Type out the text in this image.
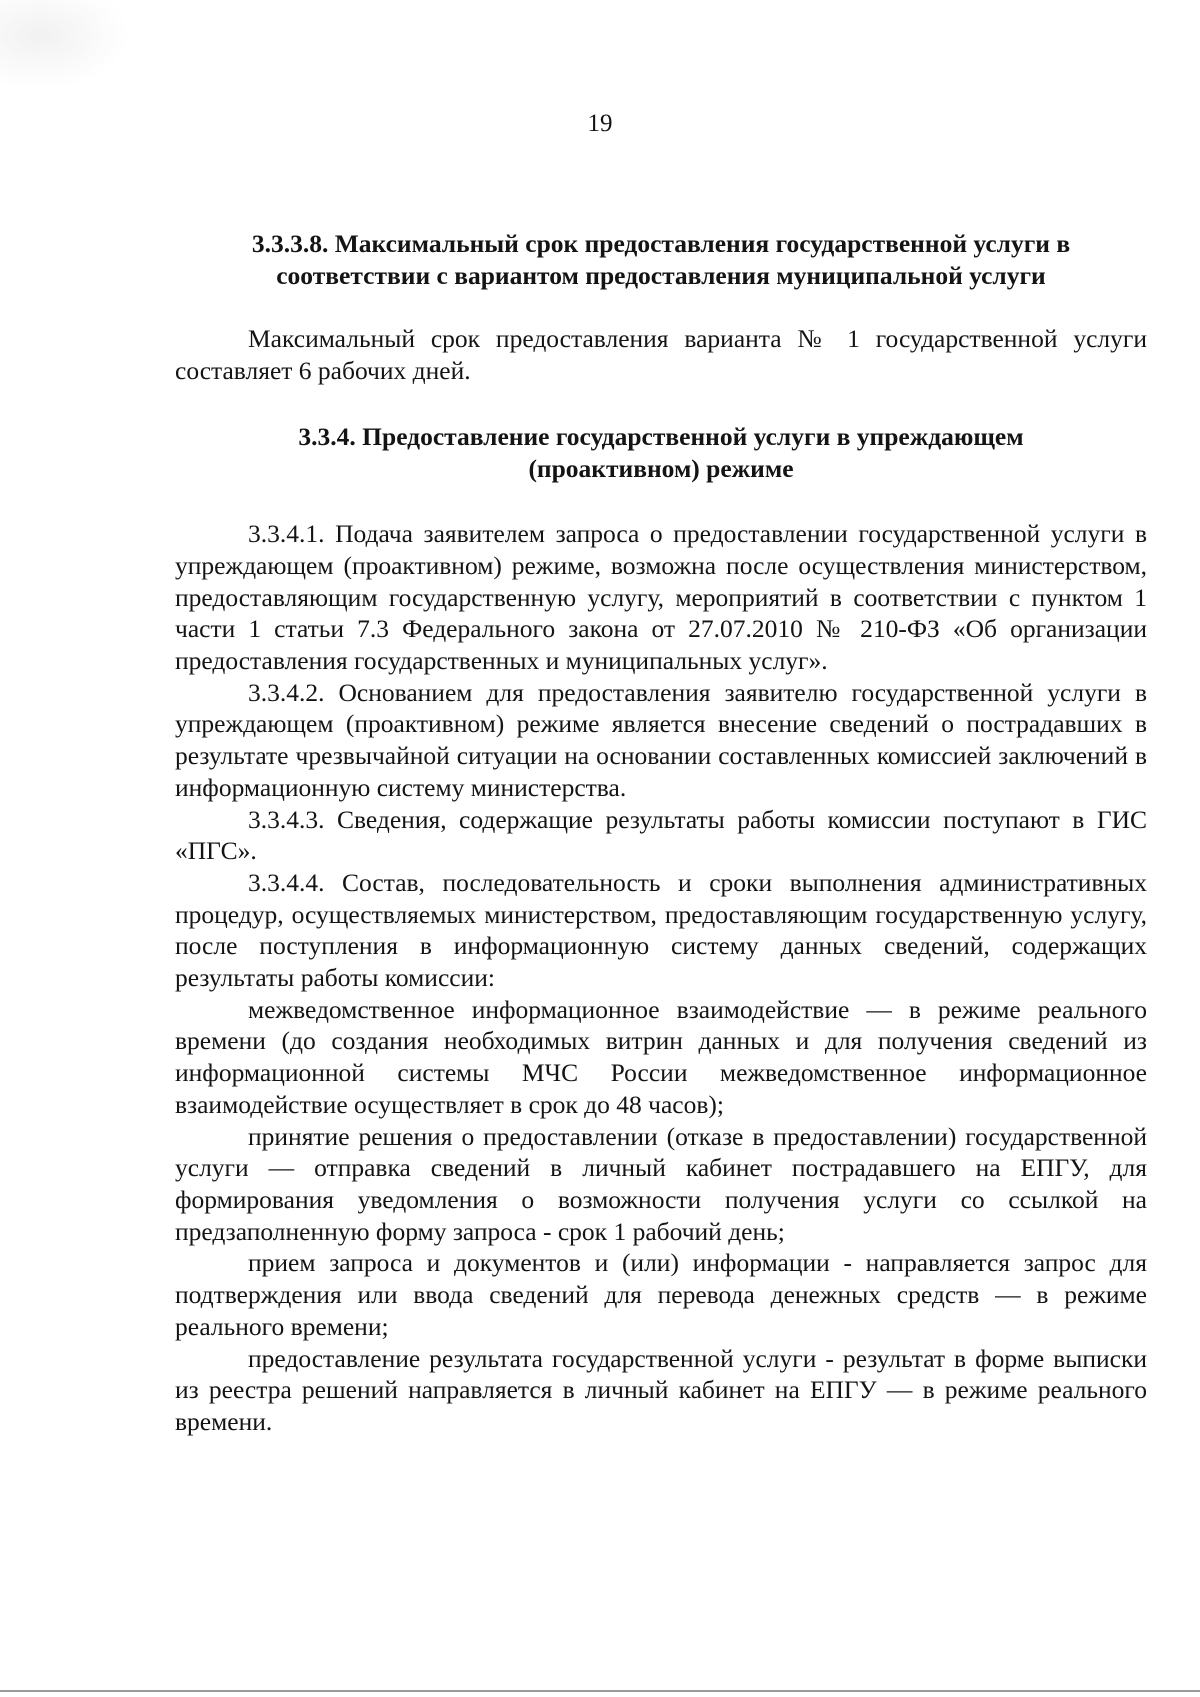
19

3.3.3.8. Максимальный срок предоставления государственной услуги в

соответствии с вариантом предоставления муниципальной услуги

Максимальный срок предоставления варианта № 1 государственной услуги составляет 6 рабочих дней.

3.3.4. Предоставление государственной услуги в упреждающем

(проактивном) режиме

3.3.4.1. Подача заявителем запроса о предоставлении государственной услуги в упреждающем (проактивном) режиме, возможна после осуществления министерством, предоставляющим государственную услугу, мероприятий в соответствии с пунктом 1 части 1 статьи 7.3 Федерального закона от 27.07.2010 № 210-ФЗ «Об организации предоставления государственных и муниципальных услуг».

3.3.4.2. Основанием для предоставления заявителю государственной услуги в упреждающем (проактивном) режиме является внесение сведений о пострадавших в результате чрезвычайной ситуации на основании составленных комиссией заключений в информационную систему министерства.

3.3.4.3. Сведения, содержащие результаты работы комиссии поступают в ГИС «ПГС».

3.3.4.4. Состав, последовательность и сроки выполнения административных процедур, осуществляемых министерством, предоставляющим государственную услугу, после поступления в информационную систему данных сведений, содержащих результаты работы комиссии:

межведомственное информационное взаимодействие — в режиме реального времени (до создания необходимых витрин данных и для получения сведений из информационной системы МЧС России межведомственное информационное взаимодействие осуществляет в срок до 48 часов);

принятие решения о предоставлении (отказе в предоставлении) государственной услуги — отправка сведений в личный кабинет пострадавшего на ЕПГУ, для формирования уведомления о возможности получения услуги со ссылкой на предзаполненную форму запроса - срок 1 рабочий день;

прием запроса и документов и (или) информации - направляется запрос для подтверждения или ввода сведений для перевода денежных средств — в режиме реального времени;

предоставление результата государственной услуги - результат в форме выписки из реестра решений направляется в личный кабинет на ЕПГУ — в режиме реального времени.
